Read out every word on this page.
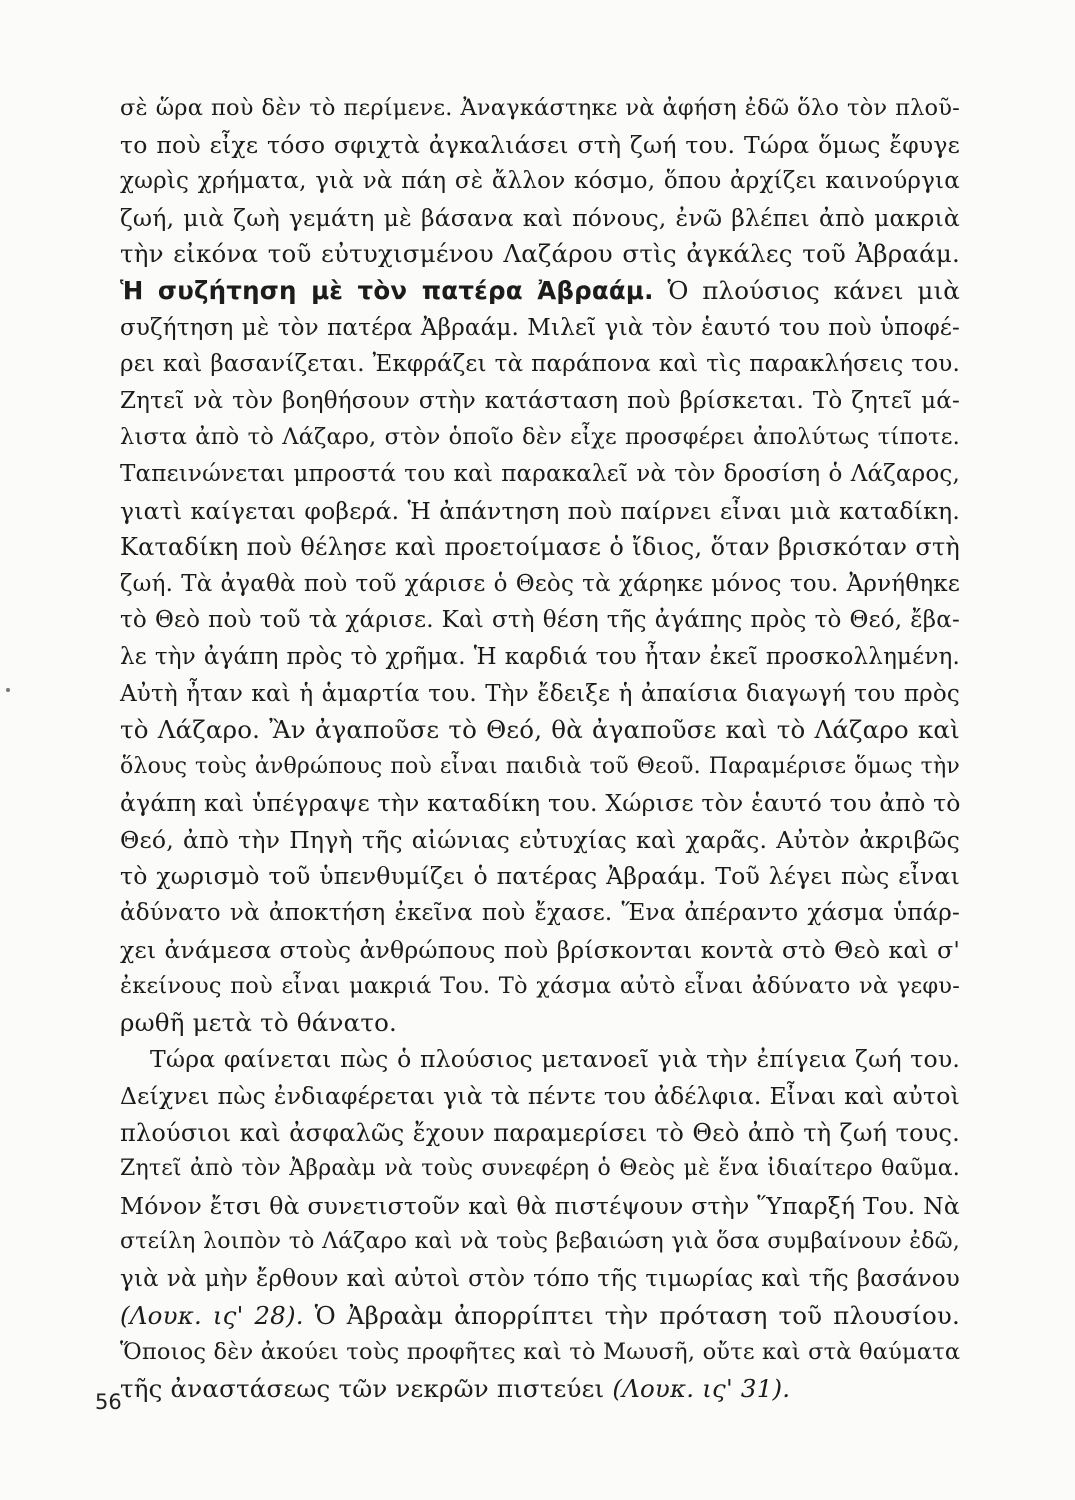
σὲ ὥρα ποὺ δὲν τὸ περίμενε. Ἀναγκάστηκε νὰ ἀφήση ἐδῶ ὅλο τὸν πλοῦ-
το ποὺ εἶχε τόσο σφιχτὰ ἀγκαλιάσει στὴ ζωή του. Τώρα ὅμως ἔφυγε
χωρὶς χρήματα, γιὰ νὰ πάη σὲ ἄλλον κόσμο, ὅπου ἀρχίζει καινούργια
ζωή, μιὰ ζωὴ γεμάτη μὲ βάσανα καὶ πόνους, ἐνῶ βλέπει ἀπὸ μακριὰ
τὴν εἰκόνα τοῦ εὐτυχισμένου Λαζάρου στὶς ἀγκάλες τοῦ Ἀβραάμ.
Ἡ συζήτηση μὲ τὸν πατέρα Ἀβραάμ. Ὁ πλούσιος κάνει μιὰ
συζήτηση μὲ τὸν πατέρα Ἀβραάμ. Μιλεῖ γιὰ τὸν ἑαυτό του ποὺ ὑποφέ-
ρει καὶ βασανίζεται. Ἐκφράζει τὰ παράπονα καὶ τὶς παρακλήσεις του.
Ζητεῖ νὰ τὸν βοηθήσουν στὴν κατάσταση ποὺ βρίσκεται. Τὸ ζητεῖ μά-
λιστα ἀπὸ τὸ Λάζαρο, στὸν ὁποῖο δὲν εἶχε προσφέρει ἀπολύτως τίποτε.
Ταπεινώνεται μπροστά του καὶ παρακαλεῖ νὰ τὸν δροσίση ὁ Λάζαρος,
γιατὶ καίγεται φοβερά. Ἡ ἀπάντηση ποὺ παίρνει εἶναι μιὰ καταδίκη.
Καταδίκη ποὺ θέλησε καὶ προετοίμασε ὁ ἴδιος, ὅταν βρισκόταν στὴ
ζωή. Τὰ ἀγαθὰ ποὺ τοῦ χάρισε ὁ Θεὸς τὰ χάρηκε μόνος του. Ἀρνήθηκε
τὸ Θεὸ ποὺ τοῦ τὰ χάρισε. Καὶ στὴ θέση τῆς ἀγάπης πρὸς τὸ Θεό, ἔβα-
λε τὴν ἀγάπη πρὸς τὸ χρῆμα. Ἡ καρδιά του ἦταν ἐκεῖ προσκολλημένη.
Αὐτὴ ἦταν καὶ ἡ ἁμαρτία του. Τὴν ἔδειξε ἡ ἀπαίσια διαγωγή του πρὸς
τὸ Λάζαρο. Ἂν ἀγαποῦσε τὸ Θεό, θὰ ἀγαποῦσε καὶ τὸ Λάζαρο καὶ
ὅλους τοὺς ἀνθρώπους ποὺ εἶναι παιδιὰ τοῦ Θεοῦ. Παραμέρισε ὅμως τὴν
ἀγάπη καὶ ὑπέγραψε τὴν καταδίκη του. Χώρισε τὸν ἑαυτό του ἀπὸ τὸ
Θεό, ἀπὸ τὴν Πηγὴ τῆς αἰώνιας εὐτυχίας καὶ χαρᾶς. Αὐτὸν ἀκριβῶς
τὸ χωρισμὸ τοῦ ὑπενθυμίζει ὁ πατέρας Ἀβραάμ. Τοῦ λέγει πὼς εἶναι
ἀδύνατο νὰ ἀποκτήση ἐκεῖνα ποὺ ἔχασε. Ἕνα ἀπέραντο χάσμα ὑπάρ-
χει ἀνάμεσα στοὺς ἀνθρώπους ποὺ βρίσκονται κοντὰ στὸ Θεὸ καὶ σ'
ἐκείνους ποὺ εἶναι μακριά Του. Τὸ χάσμα αὐτὸ εἶναι ἀδύνατο νὰ γεφυ-
ρωθῆ μετὰ τὸ θάνατο.
Τώρα φαίνεται πὼς ὁ πλούσιος μετανοεῖ γιὰ τὴν ἐπίγεια ζωή του.
Δείχνει πὼς ἐνδιαφέρεται γιὰ τὰ πέντε του ἀδέλφια. Εἶναι καὶ αὐτοὶ
πλούσιοι καὶ ἀσφαλῶς ἔχουν παραμερίσει τὸ Θεὸ ἀπὸ τὴ ζωή τους.
Ζητεῖ ἀπὸ τὸν Ἀβραὰμ νὰ τοὺς συνεφέρη ὁ Θεὸς μὲ ἕνα ἰδιαίτερο θαῦμα.
Μόνον ἔτσι θὰ συνετιστοῦν καὶ θὰ πιστέψουν στὴν Ὕπαρξή Του. Νὰ
στείλη λοιπὸν τὸ Λάζαρο καὶ νὰ τοὺς βεβαιώση γιὰ ὅσα συμβαίνουν ἐδῶ,
γιὰ νὰ μὴν ἔρθουν καὶ αὐτοὶ στὸν τόπο τῆς τιμωρίας καὶ τῆς βασάνου
(Λουκ. ις' 28). Ὁ Ἀβραὰμ ἀπορρίπτει τὴν πρόταση τοῦ πλουσίου.
Ὅποιος δὲν ἀκούει τοὺς προφῆτες καὶ τὸ Μωυσῆ, οὔτε καὶ στὰ θαύματα
τῆς ἀναστάσεως τῶν νεκρῶν πιστεύει (Λουκ. ις' 31).
56
